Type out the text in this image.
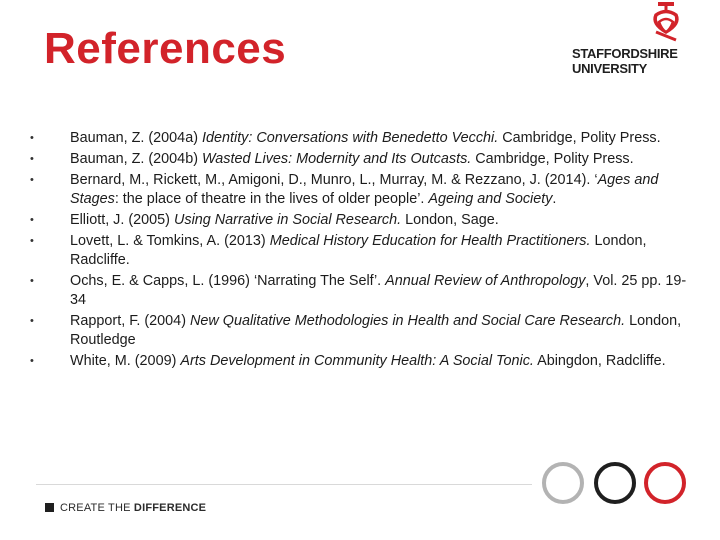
References	STAFFORDSHIRE
UNIVERSITY
•	Bauman, Z. (2004a) Identity: Conversations with Benedetto Vecchi. Cambridge, Polity Press.
•	Bauman, Z. (2004b) Wasted Lives: Modernity and Its Outcasts. Cambridge, Polity Press.
•	Bernard, M., Rickett, M., Amigoni, D., Munro, L., Murray, M. & Rezzano, J. (2014). ‘Ages and Stages: the place of theatre in the lives of older people’. Ageing and Society.
•	Elliott, J. (2005) Using Narrative in Social Research. London, Sage.
•	Lovett, L. & Tomkins, A. (2013) Medical History Education for Health Practitioners. London, Radcliffe.
•	Ochs, E. & Capps, L. (1996) ‘Narrating The Self’. Annual Review of Anthropology, Vol. 25 pp. 19-34
•	Rapport, F. (2004) New Qualitative Methodologies in Health and Social Care Research. London, Routledge
•	White, M. (2009) Arts Development in Community Health: A Social Tonic. Abingdon, Radcliffe.
CREATE THE DIFFERENCE
